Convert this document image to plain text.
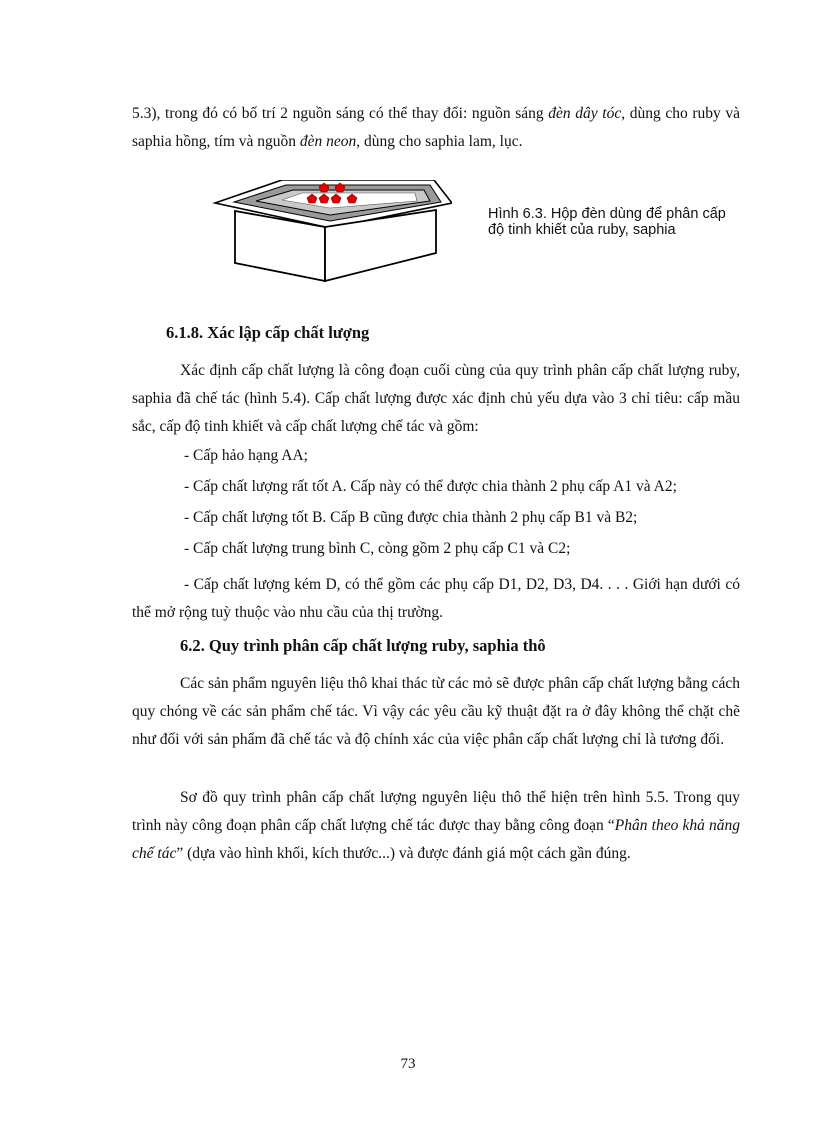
5.3), trong đó có bố trí 2 nguồn sáng có thể thay đổi: nguồn sáng đèn dây tóc, dùng cho ruby và saphia hồng, tím và nguồn đèn neon, dùng cho saphia lam, lục.

Hình 6.3. Hộp đèn dùng để phân cấp độ tinh khiết của ruby, saphia

6.1.8. Xác lập cấp chất lượng

Xác định cấp chất lượng là công đoạn cuối cùng của quy trình phân cấp chất lượng ruby, saphia đã chế tác (hình 5.4). Cấp chất lượng được xác định chủ yếu dựa vào 3 chỉ tiêu: cấp mầu sắc, cấp độ tinh khiết và cấp chất lượng chế tác và gồm:

- Cấp hảo hạng AA;

- Cấp chất lượng rất tốt A. Cấp này có thể được chia thành 2 phụ cấp A1 và A2;

- Cấp chất lượng tốt B. Cấp B cũng được chia thành 2 phụ cấp B1 và B2;

- Cấp chất lượng trung bình C, còng gồm 2 phụ cấp C1 và C2;

- Cấp chất lượng kém D, có thể gồm các phụ cấp D1, D2, D3, D4. . . . Giới hạn dưới có thể mở rộng tuỳ thuộc vào nhu cầu của thị trường.

6.2. Quy trình phân cấp chất lượng ruby, saphia thô

Các sản phẩm nguyên liệu thô khai thác từ các mỏ sẽ được phân cấp chất lượng bằng cách quy chóng về các sản phẩm chế tác. Vì vậy các yêu cầu kỹ thuật đặt ra ở đây không thể chặt chẽ như đối với sản phẩm đã chế tác và độ chính xác của việc phân cấp chất lượng chỉ là tương đối.

Sơ đồ quy trình phân cấp chất lượng nguyên liệu thô thể hiện trên hình 5.5. Trong quy trình này công đoạn phân cấp chất lượng chế tác được thay bằng công đoạn “Phân theo khả năng chế tác” (dựa vào hình khối, kích thước...) và được đánh giá một cách gần đúng.

73
